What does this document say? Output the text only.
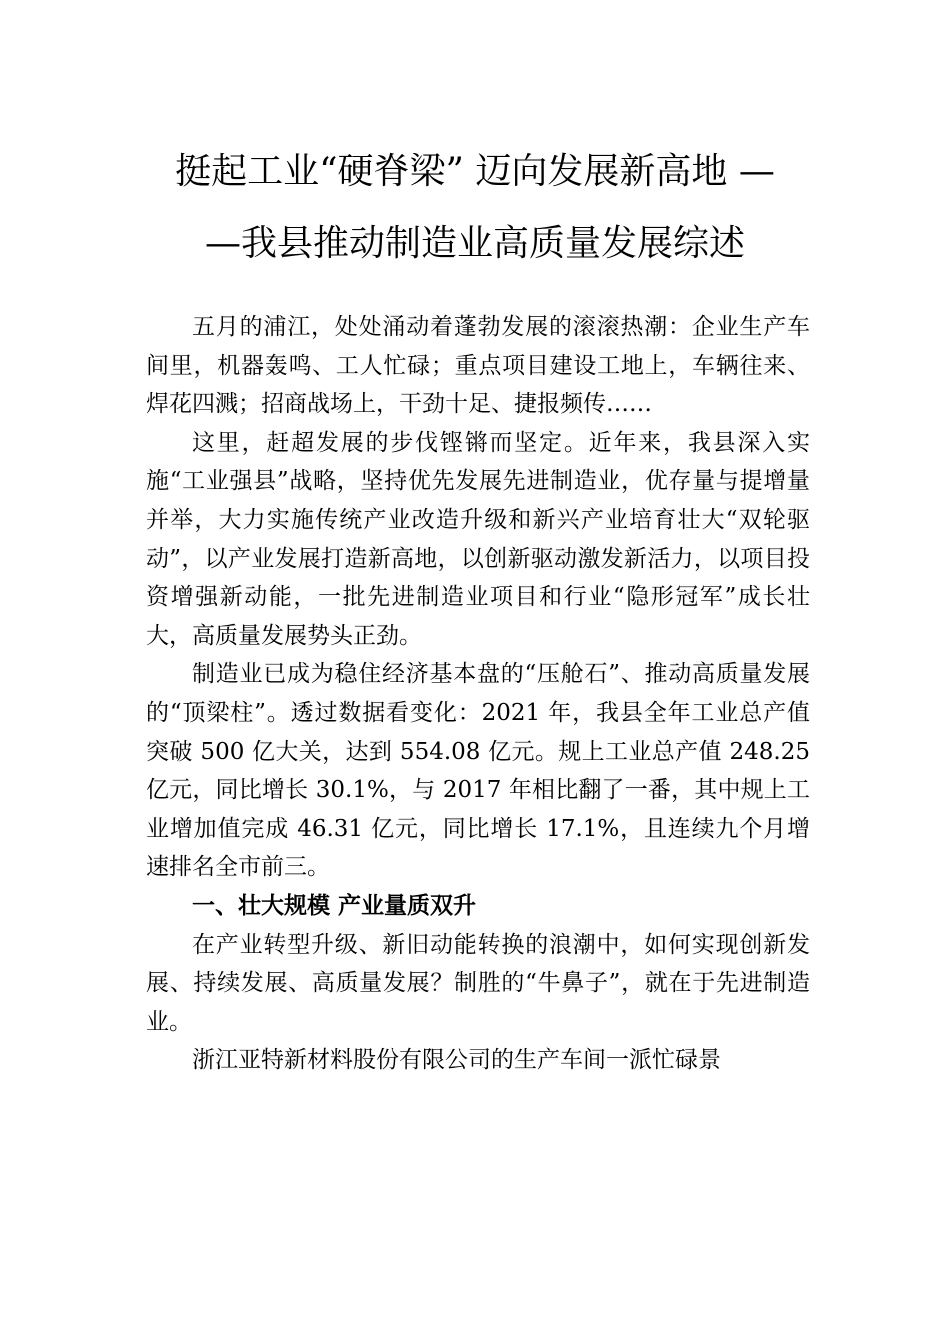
挺起工业“硬脊梁” 迈向发展新高地 —
—我县推动制造业高质量发展综述

五月的浦江，处处涌动着蓬勃发展的滚滚热潮：企业生产车间里，机器轰鸣、工人忙碌；重点项目建设工地上，车辆往来、焊花四溅；招商战场上，干劲十足、捷报频传……

这里，赶超发展的步伐铿锵而坚定。近年来，我县深入实施“工业强县”战略，坚持优先发展先进制造业，优存量与提增量并举，大力实施传统产业改造升级和新兴产业培育壮大“双轮驱动”，以产业发展打造新高地，以创新驱动激发新活力，以项目投资增强新动能，一批先进制造业项目和行业“隐形冠军”成长壮大，高质量发展势头正劲。

制造业已成为稳住经济基本盘的“压舱石”、推动高质量发展的“顶梁柱”。透过数据看变化：2021 年，我县全年工业总产值突破 500 亿大关，达到 554.08 亿元。规上工业总产值 248.25 亿元，同比增长 30.1%，与 2017 年相比翻了一番，其中规上工业增加值完成 46.31 亿元，同比增长 17.1%，且连续九个月增速排名全市前三。

一、壮大规模 产业量质双升

在产业转型升级、新旧动能转换的浪潮中，如何实现创新发展、持续发展、高质量发展？制胜的“牛鼻子”，就在于先进制造业。

浙江亚特新材料股份有限公司的生产车间一派忙碌景
